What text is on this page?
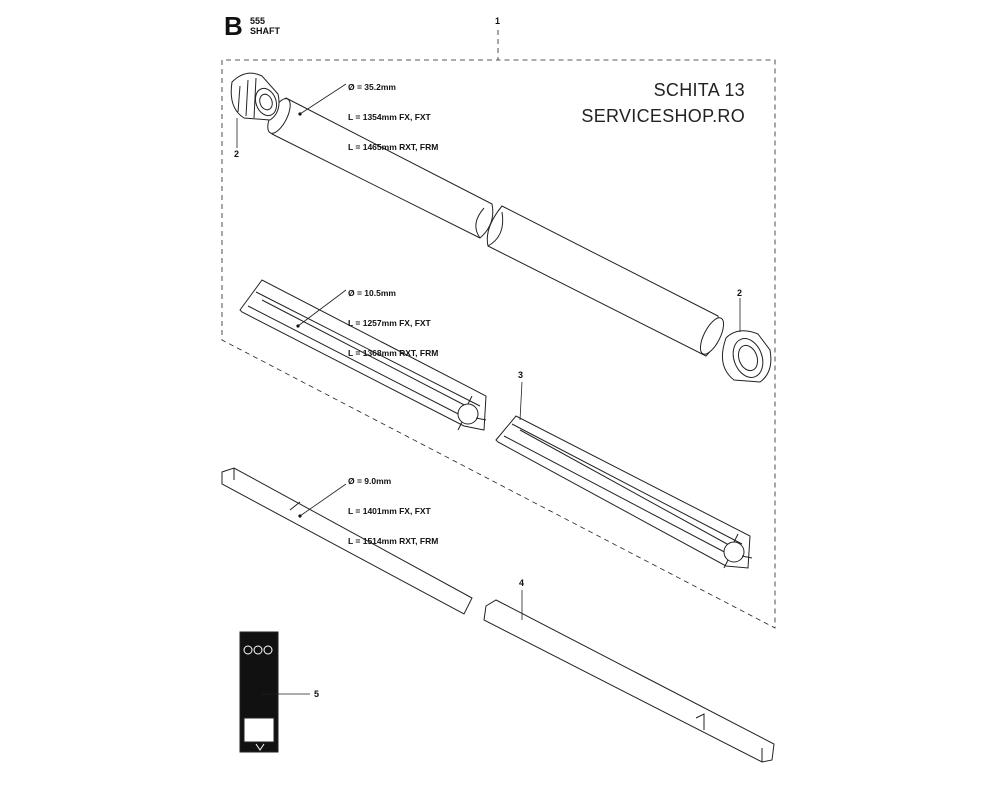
B 555
SHAFT
SCHITA 13
SERVICESHOP.RO

Ø = 35.2mm

L = 1354mm FX, FXT

L = 1465mm RXT, FRM

Ø = 10.5mm

L = 1257mm FX, FXT

L = 1368mm RXT, FRM

Ø = 9.0mm

L = 1401mm FX, FXT

L = 1514mm RXT, FRM

1
2
2
3
4
5
